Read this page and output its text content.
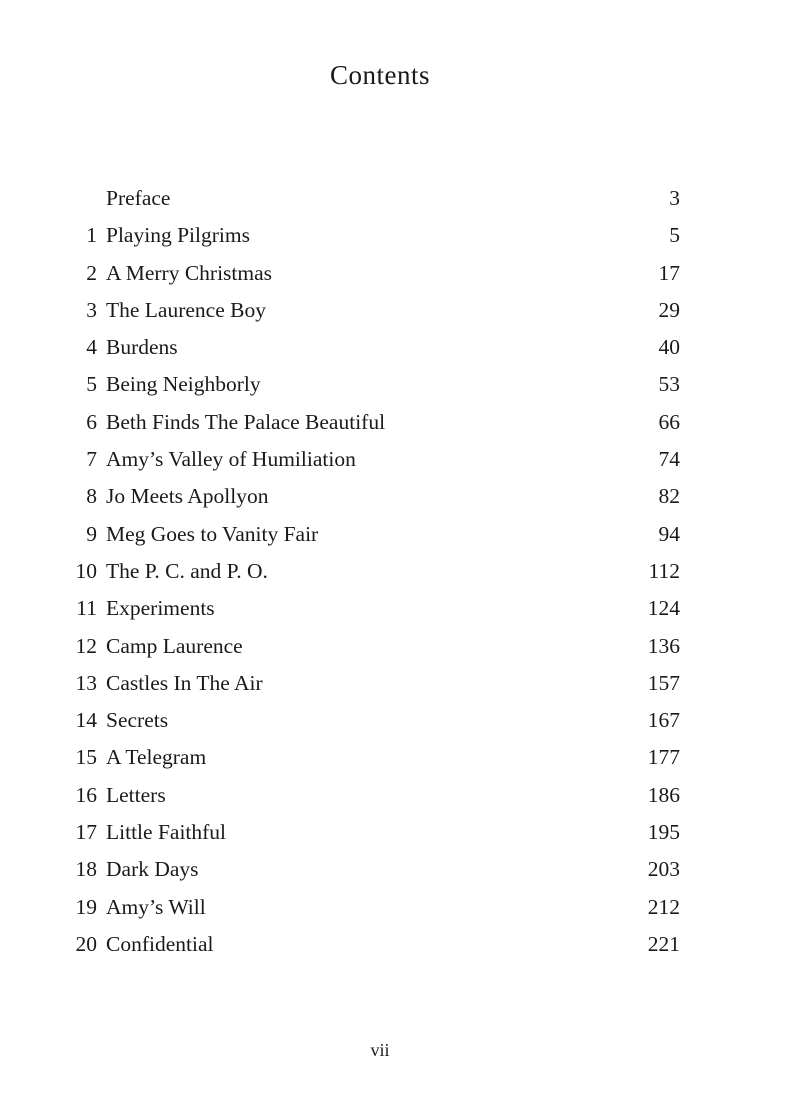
Contents
Preface	3
1 Playing Pilgrims	5
2 A Merry Christmas	17
3 The Laurence Boy	29
4 Burdens	40
5 Being Neighborly	53
6 Beth Finds The Palace Beautiful	66
7 Amy’s Valley of Humiliation	74
8 Jo Meets Apollyon	82
9 Meg Goes to Vanity Fair	94
10 The P. C. and P. O.	112
11 Experiments	124
12 Camp Laurence	136
13 Castles In The Air	157
14 Secrets	167
15 A Telegram	177
16 Letters	186
17 Little Faithful	195
18 Dark Days	203
19 Amy’s Will	212
20 Confidential	221
vii
